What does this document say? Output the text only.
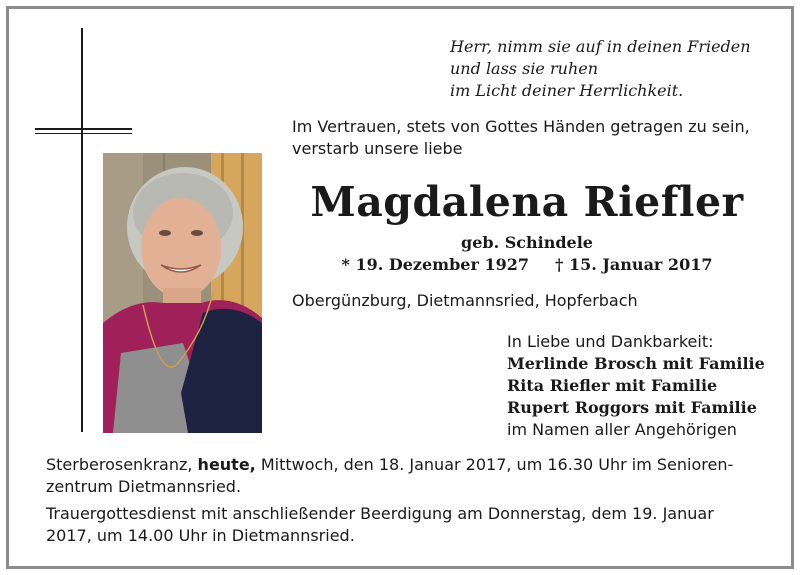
Herr, nimm sie auf in deinen Frieden
und lass sie ruhen
im Licht deiner Herrlichkeit.
Im Vertrauen, stets von Gottes Händen getragen zu sein, verstarb unsere liebe
Magdalena Riefler
geb. Schindele
* 19. Dezember 1927 † 15. Januar 2017
Obergünzburg, Dietmannsried, Hopferbach
In Liebe und Dankbarkeit:
Merlinde Brosch mit Familie
Rita Riefler mit Familie
Rupert Roggors mit Familie
im Namen aller Angehörigen

Sterberosenkranz, heute, Mittwoch, den 18. Januar 2017, um 16.30 Uhr im Senioren-zentrum Dietmannsried.

Trauergottesdienst mit anschließender Beerdigung am Donnerstag, dem 19. Januar 2017, um 14.00 Uhr in Dietmannsried.
